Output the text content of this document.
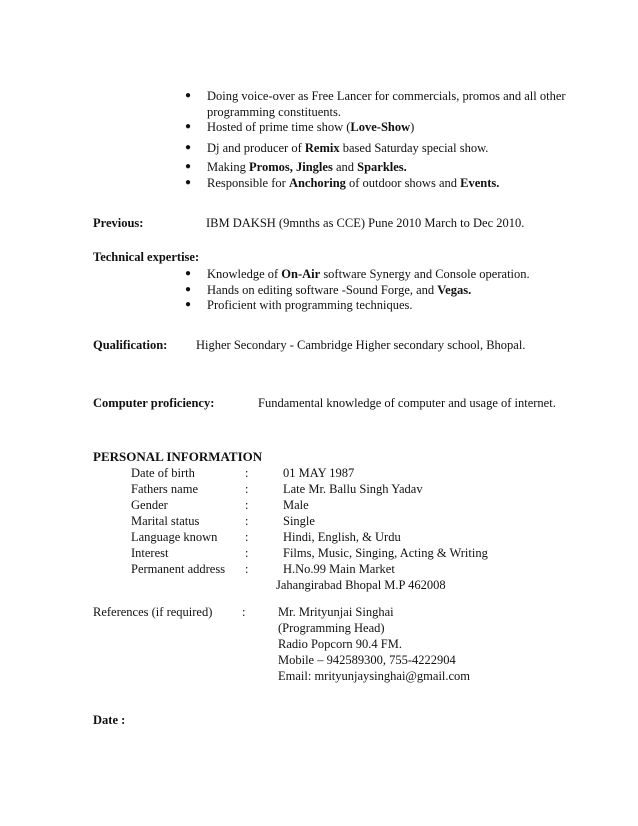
●	Doing voice-over as Free Lancer for commercials, promos and all other programming constituents.
●	Hosted of prime time show (Love-Show)
●	Dj and producer of Remix based Saturday special show.
●	Making Promos, Jingles and Sparkles.
●	Responsible for Anchoring of outdoor shows and Events.
Previous:	IBM DAKSH (9mnths as CCE) Pune 2010 March to Dec 2010.
Technical expertise:
●	Knowledge of On-Air software Synergy and Console operation.
●	Hands on editing software -Sound Forge, and Vegas.
●	Proficient with programming techniques.
Qualification: Higher Secondary - Cambridge Higher secondary school, Bhopal.
Computer proficiency:	Fundamental knowledge of computer and usage of internet.
PERSONAL INFORMATION
Date of birth	:	01 MAY 1987
Fathers name	:	Late Mr. Ballu Singh Yadav
Gender	:	Male
Marital status	:	Single
Language known :	Hindi, English, & Urdu
Interest	:	Films, Music, Singing, Acting & Writing
Permanent address :	H.No.99 Main Market
Jahangirabad Bhopal M.P 462008
References (if required) :	Mr. Mrityunjai Singhai
(Programming Head)
Radio Popcorn 90.4 FM.
Mobile – 942589300, 755-4222904
Email: mrityunjaysinghai@gmail.com
Date :
